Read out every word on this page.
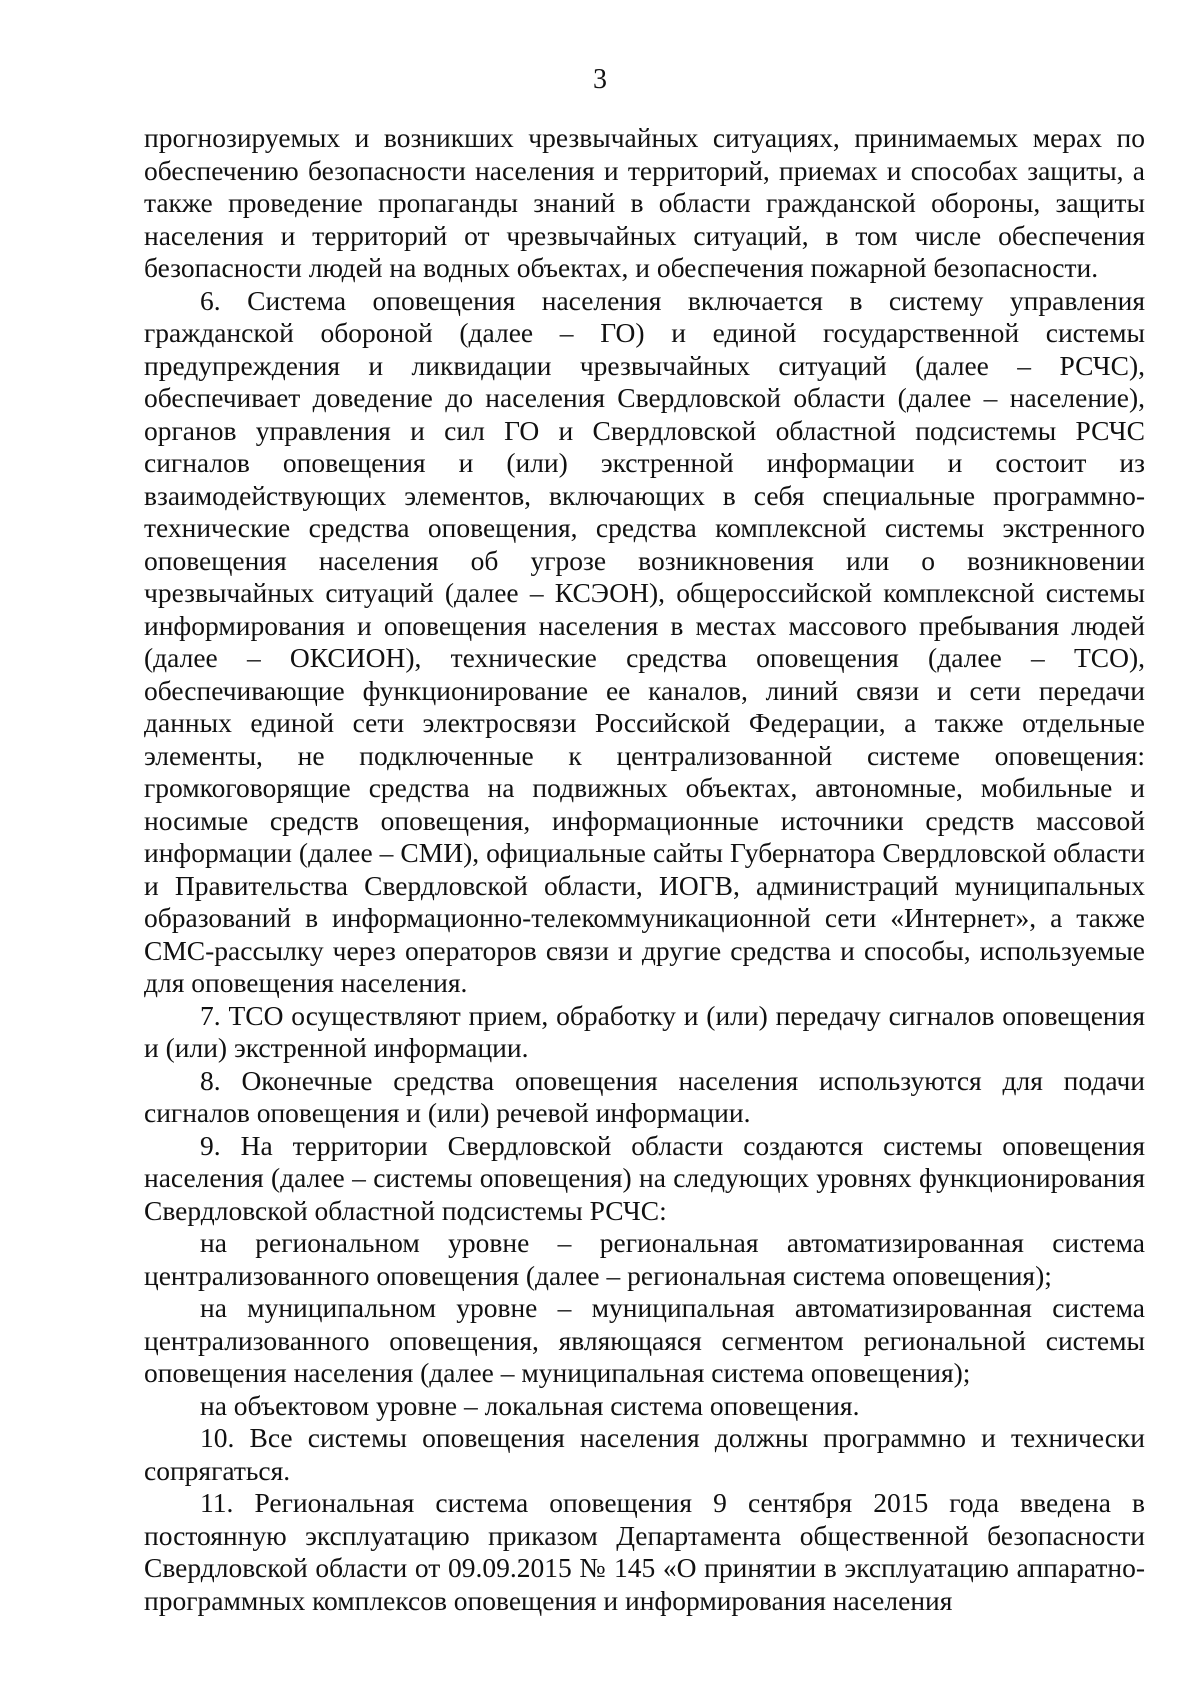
3

прогнозируемых и возникших чрезвычайных ситуациях, принимаемых мерах по обеспечению безопасности населения и территорий, приемах и способах защиты, а также проведение пропаганды знаний в области гражданской обороны, защиты населения и территорий от чрезвычайных ситуаций, в том числе обеспечения безопасности людей на водных объектах, и обеспечения пожарной безопасности.

6. Система оповещения населения включается в систему управления гражданской обороной (далее – ГО) и единой государственной системы предупреждения и ликвидации чрезвычайных ситуаций (далее – РСЧС), обеспечивает доведение до населения Свердловской области (далее – население), органов управления и сил ГО и Свердловской областной подсистемы РСЧС сигналов оповещения и (или) экстренной информации и состоит из взаимодействующих элементов, включающих в себя специальные программно-технические средства оповещения, средства комплексной системы экстренного оповещения населения об угрозе возникновения или о возникновении чрезвычайных ситуаций (далее – КСЭОН), общероссийской комплексной системы информирования и оповещения населения в местах массового пребывания людей (далее – ОКСИОН), технические средства оповещения (далее – ТСО), обеспечивающие функционирование ее каналов, линий связи и сети передачи данных единой сети электросвязи Российской Федерации, а также отдельные элементы, не подключенные к централизованной системе оповещения: громкоговорящие средства на подвижных объектах, автономные, мобильные и носимые средств оповещения, информационные источники средств массовой информации (далее – СМИ), официальные сайты Губернатора Свердловской области и Правительства Свердловской области, ИОГВ, администраций муниципальных образований в информационно-телекоммуникационной сети «Интернет», а также СМС-рассылку через операторов связи и другие средства и способы, используемые для оповещения населения.

7. ТСО осуществляют прием, обработку и (или) передачу сигналов оповещения и (или) экстренной информации.

8. Оконечные средства оповещения населения используются для подачи сигналов оповещения и (или) речевой информации.

9. На территории Свердловской области создаются системы оповещения населения (далее – системы оповещения) на следующих уровнях функционирования Свердловской областной подсистемы РСЧС:

на региональном уровне – региональная автоматизированная система централизованного оповещения (далее – региональная система оповещения);

на муниципальном уровне – муниципальная автоматизированная система централизованного оповещения, являющаяся сегментом региональной системы оповещения населения (далее – муниципальная система оповещения);

на объектовом уровне – локальная система оповещения.

10. Все системы оповещения населения должны программно и технически сопрягаться.

11. Региональная система оповещения 9 сентября 2015 года введена в постоянную эксплуатацию приказом Департамента общественной безопасности Свердловской области от 09.09.2015 № 145 «О принятии в эксплуатацию аппаратно-программных комплексов оповещения и информирования населения
